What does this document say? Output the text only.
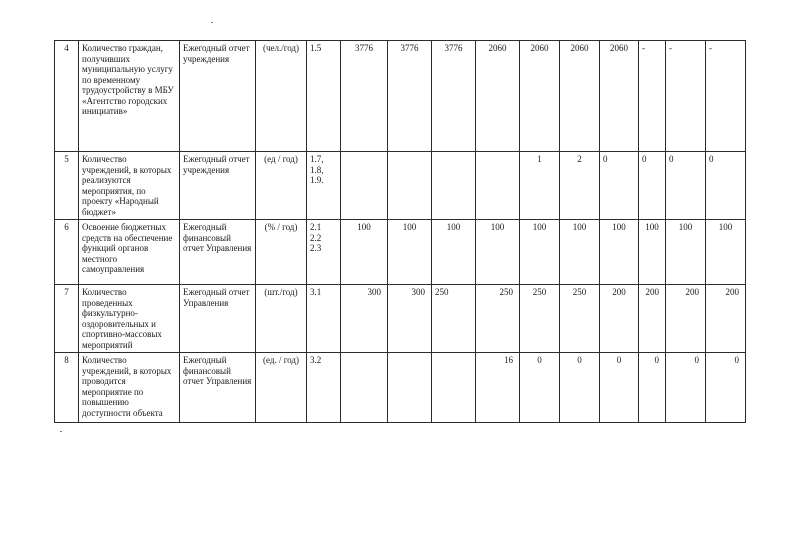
4	Количество граждан, получивших муниципальную услугу по временному трудоустройству в МБУ «Агентство городских инициатив»	Ежегодный отчет учреждения	(чел./год)	1.5	3776	3776	3776	2060	2060	2060	2060	-	-	-
5	Количество учреждений, в которых реализуются мероприятия, по проекту «Народный бюджет»	Ежегодный отчет учреждения	(ед / год)	1.7,
1.8,
1.9.					1	2	0	0	0	0
6	Освоение бюджетных средств на обеспечение функций органов местного самоуправления	Ежегодный финансовый отчет Управления	(% / год)	2.1
2.2
2.3	100	100	100	100	100	100	100	100	100	100
7	Количество проведенных физкультурно-оздоровительных и спортивно-массовых мероприятий	Ежегодный отчет Управления	(шт./год)	3.1	300	300	250	250	250	250	200	200	200	200
8	Количество учреждений, в которых проводится мероприятие по повышению доступности объекта	Ежегодный финансовый отчет Управления	(ед. / год)	3.2				16	0	0	0	0	0	0
